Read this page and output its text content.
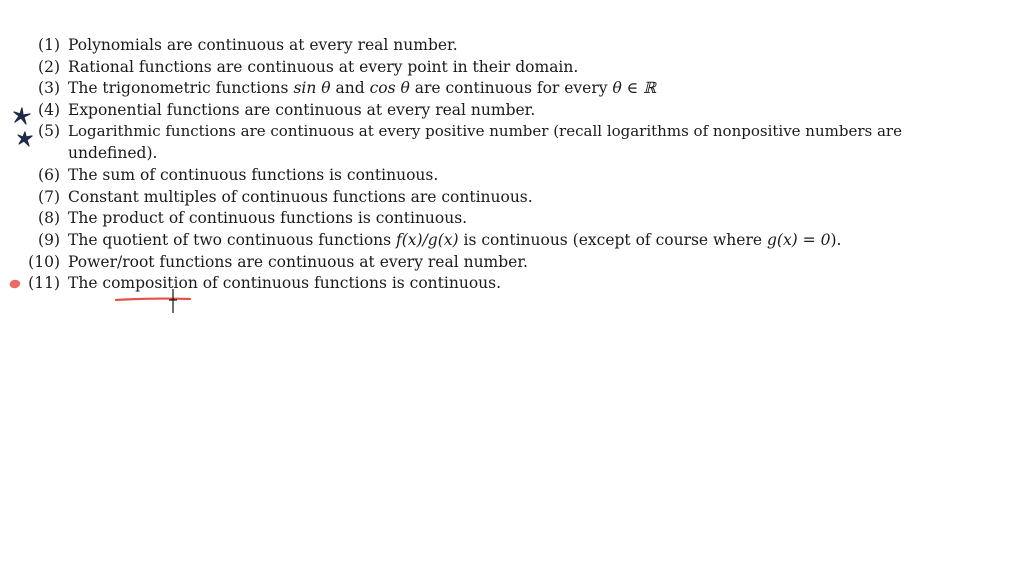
(1) Polynomials are continuous at every real number.
(2) Rational functions are continuous at every point in their domain.
(3) The trigonometric functions sin θ and cos θ are continuous for every θ ∈ ℝ
(4) Exponential functions are continuous at every real number.
(5) Logarithmic functions are continuous at every positive number (recall logarithms of nonpositive numbers are
undefined).
(6) The sum of continuous functions is continuous.
(7) Constant multiples of continuous functions are continuous.
(8) The product of continuous functions is continuous.
(9) The quotient of two continuous functions f(x)/g(x) is continuous (except of course where g(x) = 0).
(10) Power/root functions are continuous at every real number.
(11) The composition of continuous functions is continuous.
